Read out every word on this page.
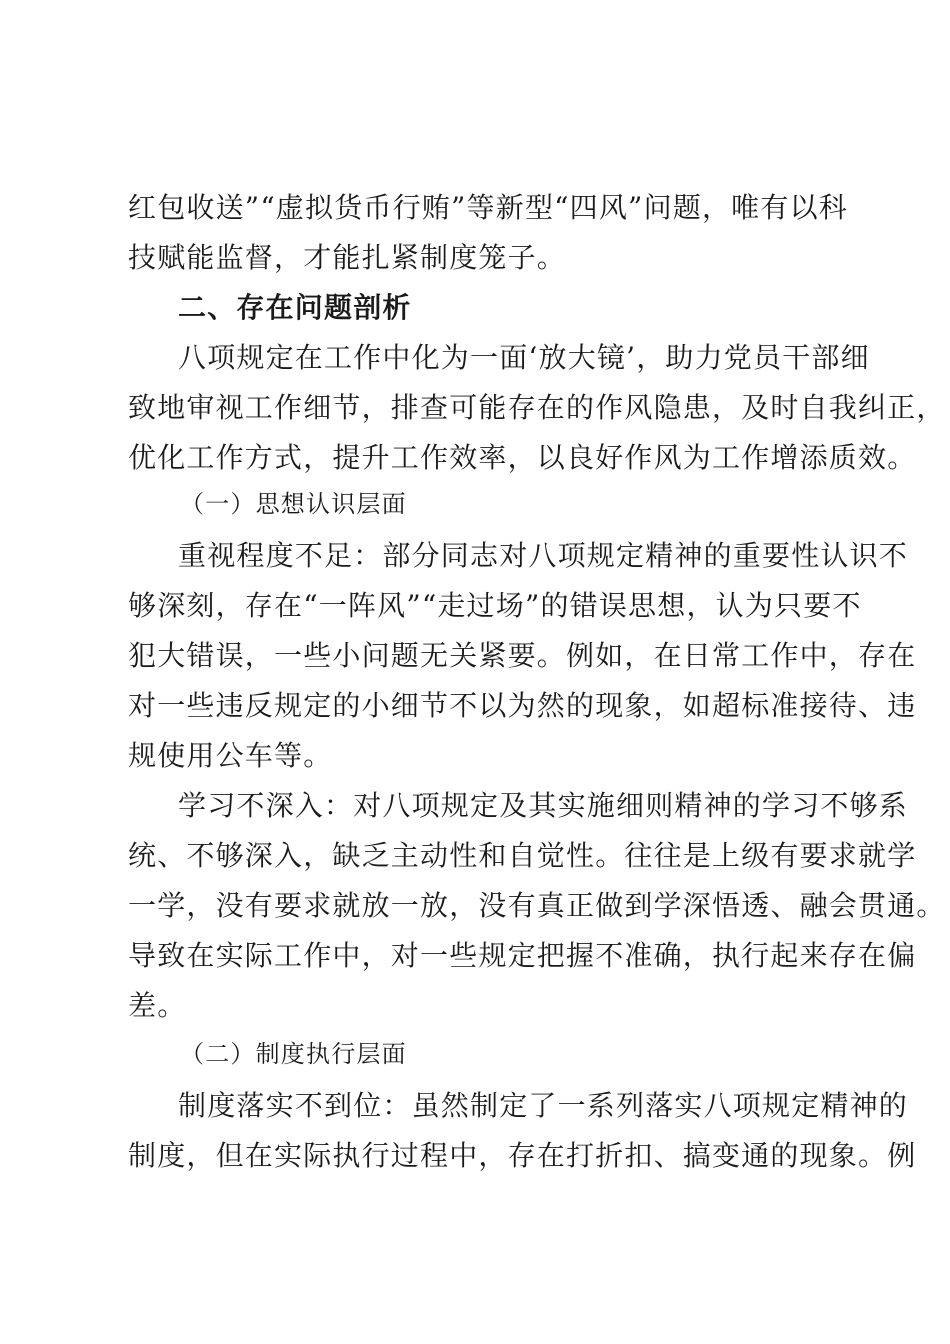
红包收送”“虚拟货币行贿”等新型“四风”问题，唯有以科
技赋能监督，才能扎紧制度笼子。
二、存在问题剖析
八项规定在工作中化为一面‘放大镜’，助力党员干部细
致地审视工作细节，排查可能存在的作风隐患，及时自我纠正，
优化工作方式，提升工作效率，以良好作风为工作增添质效。
（一）思想认识层面
重视程度不足：部分同志对八项规定精神的重要性认识不
够深刻，存在“一阵风”“走过场”的错误思想，认为只要不
犯大错误，一些小问题无关紧要。例如，在日常工作中，存在
对一些违反规定的小细节不以为然的现象，如超标准接待、违
规使用公车等。
学习不深入：对八项规定及其实施细则精神的学习不够系
统、不够深入，缺乏主动性和自觉性。往往是上级有要求就学
一学，没有要求就放一放，没有真正做到学深悟透、融会贯通。
导致在实际工作中，对一些规定把握不准确，执行起来存在偏
差。
（二）制度执行层面
制度落实不到位：虽然制定了一系列落实八项规定精神的
制度，但在实际执行过程中，存在打折扣、搞变通的现象。例
